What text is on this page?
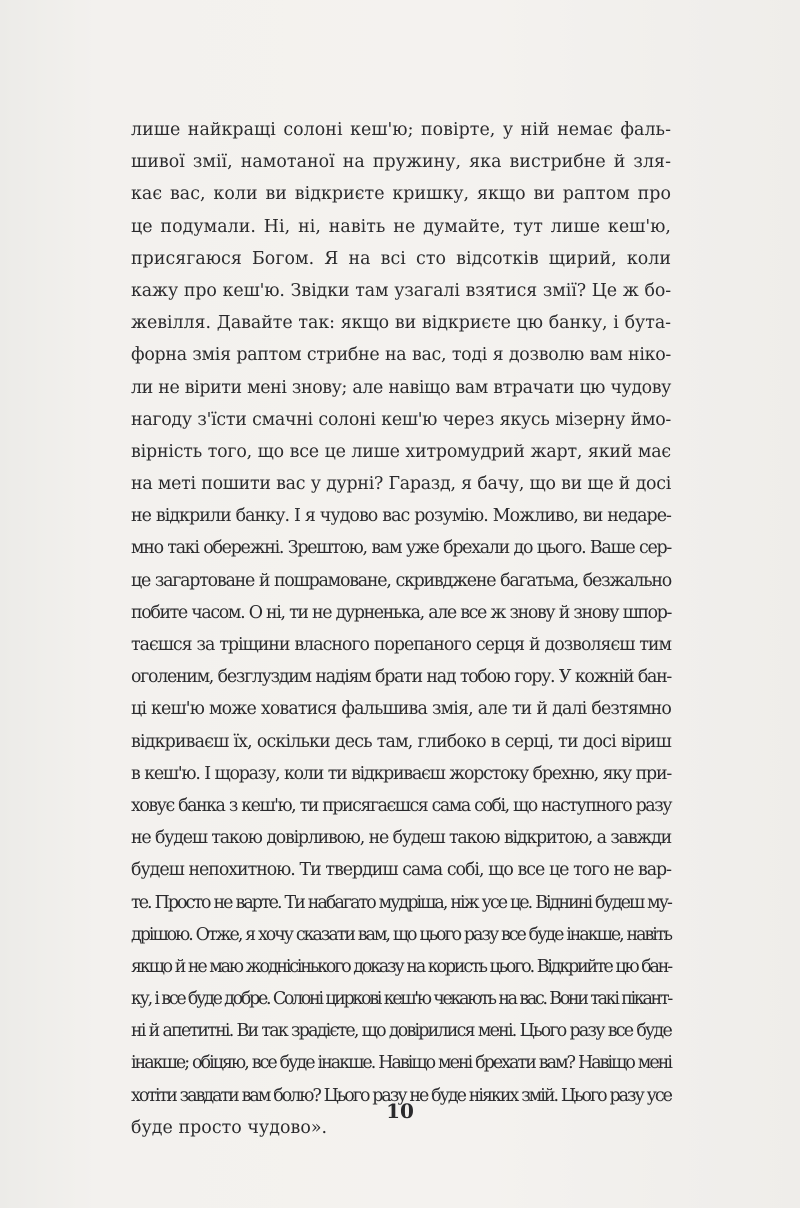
лише найкращі солоні кеш'ю; повірте, у ній немає фаль-
шивої змії, намотаної на пружину, яка вистрибне й зля-
кає вас, коли ви відкриєте кришку, якщо ви раптом про
це подумали. Ні, ні, навіть не думайте, тут лише кеш'ю,
присягаюся Богом. Я на всі сто відсотків щирий, коли
кажу про кеш'ю. Звідки там узагалі взятися змії? Це ж бо-
жевілля. Давайте так: якщо ви відкриєте цю банку, і бута-
форна змія раптом стрибне на вас, тоді я дозволю вам ніко-
ли не вірити мені знову; але навіщо вам втрачати цю чудову
нагоду з'їсти смачні солоні кеш'ю через якусь мізерну ймо-
вірність того, що все це лише хитромудрий жарт, який має
на меті пошити вас у дурні? Гаразд, я бачу, що ви ще й досі
не відкрили банку. І я чудово вас розумію. Можливо, ви недаре-
мно такі обережні. Зрештою, вам уже брехали до цього. Ваше сер-
це загартоване й пошрамоване, скривджене багатьма, безжально
побите часом. О ні, ти не дурненька, але все ж знову й знову шпор-
таєшся за тріщини власного порепаного серця й дозволяєш тим
оголеним, безглуздим надіям брати над тобою гору. У кожній бан-
ці кеш'ю може ховатися фальшива змія, але ти й далі безтямно
відкриваєш їх, оскільки десь там, глибоко в серці, ти досі віриш
в кеш'ю. І щоразу, коли ти відкриваєш жорстоку брехню, яку при-
ховує банка з кеш'ю, ти присягаєшся сама собі, що наступного разу
не будеш такою довірливою, не будеш такою відкритою, а завжди
будеш непохитною. Ти твердиш сама собі, що все це того не вар-
те. Просто не варте. Ти набагато мудріша, ніж усе це. Віднині будеш му-
дрішою. Отже, я хочу сказати вам, що цього разу все буде інакше, навіть
якщо й не маю жоднісінького доказу на користь цього. Відкрийте цю бан-
ку, і все буде добре. Солоні циркові кеш'ю чекають на вас. Вони такі пікант-
ні й апетитні. Ви так зрадієте, що довірилися мені. Цього разу все буде
інакше; обіцяю, все буде інакше. Навіщо мені брехати вам? Навіщо мені
хотіти завдати вам болю? Цього разу не буде ніяких змій. Цього разу усе
буде просто чудово».
10
